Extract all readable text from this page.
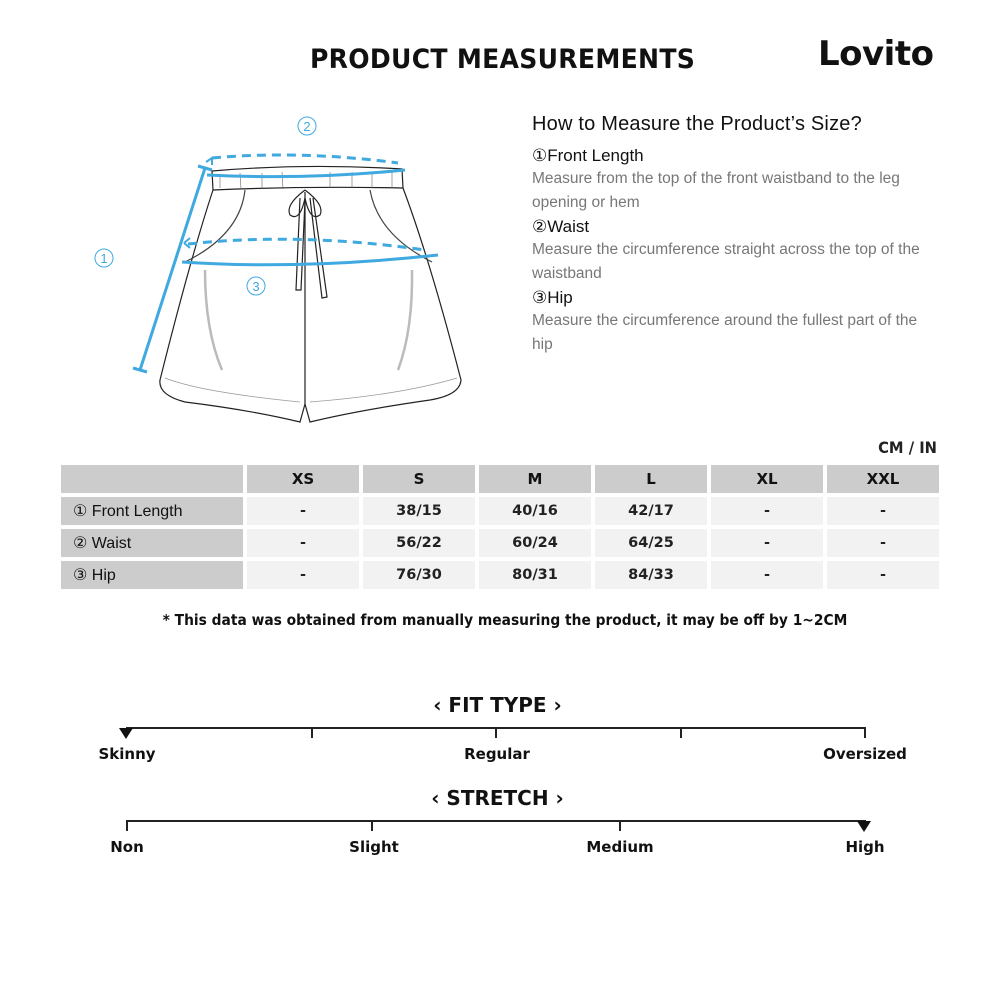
PRODUCT MEASUREMENTS	Lovito
2
1
3
How to Measure the Product’s Size?
①Front Length
Measure from the top of the front waistband to the leg opening or hem
②Waist
Measure the circumference straight across the top of the waistband
③Hip
Measure the circumference around the fullest part of the hip
CM / IN
	XS	S	M	L	XL	XXL
① Front Length	-	38/15	40/16	42/17	-	-
② Waist	-	56/22	60/24	64/25	-	-
③ Hip	-	76/30	80/31	84/33	-	-
* This data was obtained from manually measuring the product, it may be off by 1~2CM
‹ FIT TYPE ›
Skinny	Regular	Oversized
‹ STRETCH ›
Non	Slight	Medium	High
